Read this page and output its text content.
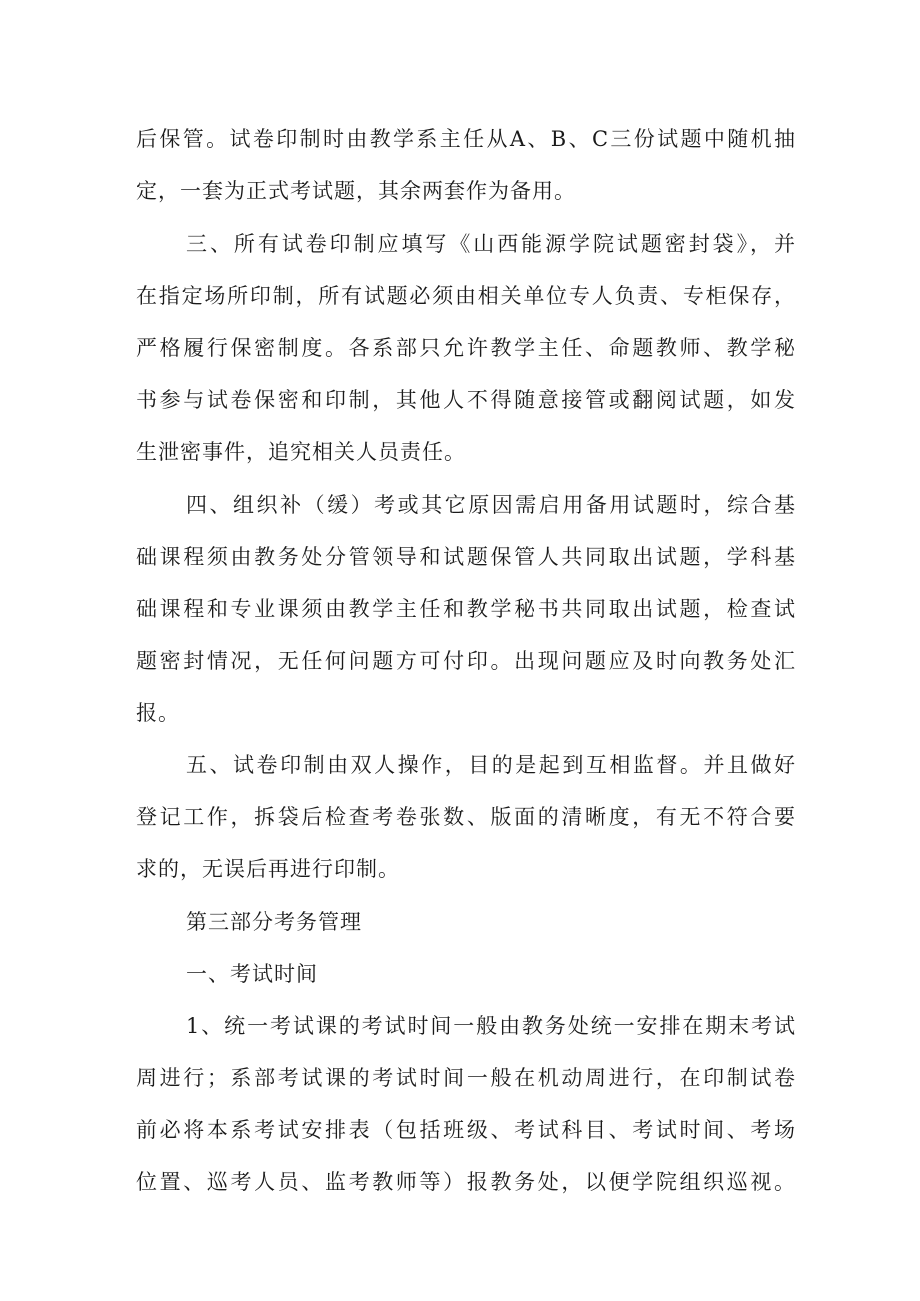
后保管。试卷印制时由教学系主任从A、B、C三份试题中随机抽
定，一套为正式考试题，其余两套作为备用。
三、所有试卷印制应填写《山西能源学院试题密封袋》，并
在指定场所印制，所有试题必须由相关单位专人负责、专柜保存，
严格履行保密制度。各系部只允许教学主任、命题教师、教学秘
书参与试卷保密和印制，其他人不得随意接管或翻阅试题，如发
生泄密事件，追究相关人员责任。
四、组织补（缓）考或其它原因需启用备用试题时，综合基
础课程须由教务处分管领导和试题保管人共同取出试题，学科基
础课程和专业课须由教学主任和教学秘书共同取出试题，检查试
题密封情况，无任何问题方可付印。出现问题应及时向教务处汇
报。
五、试卷印制由双人操作，目的是起到互相监督。并且做好
登记工作，拆袋后检查考卷张数、版面的清晰度，有无不符合要
求的，无误后再进行印制。
第三部分考务管理
一、考试时间
1、统一考试课的考试时间一般由教务处统一安排在期末考试
周进行；系部考试课的考试时间一般在机动周进行，在印制试卷
前必将本系考试安排表（包括班级、考试科目、考试时间、考场
位置、巡考人员、监考教师等）报教务处，以便学院组织巡视。
